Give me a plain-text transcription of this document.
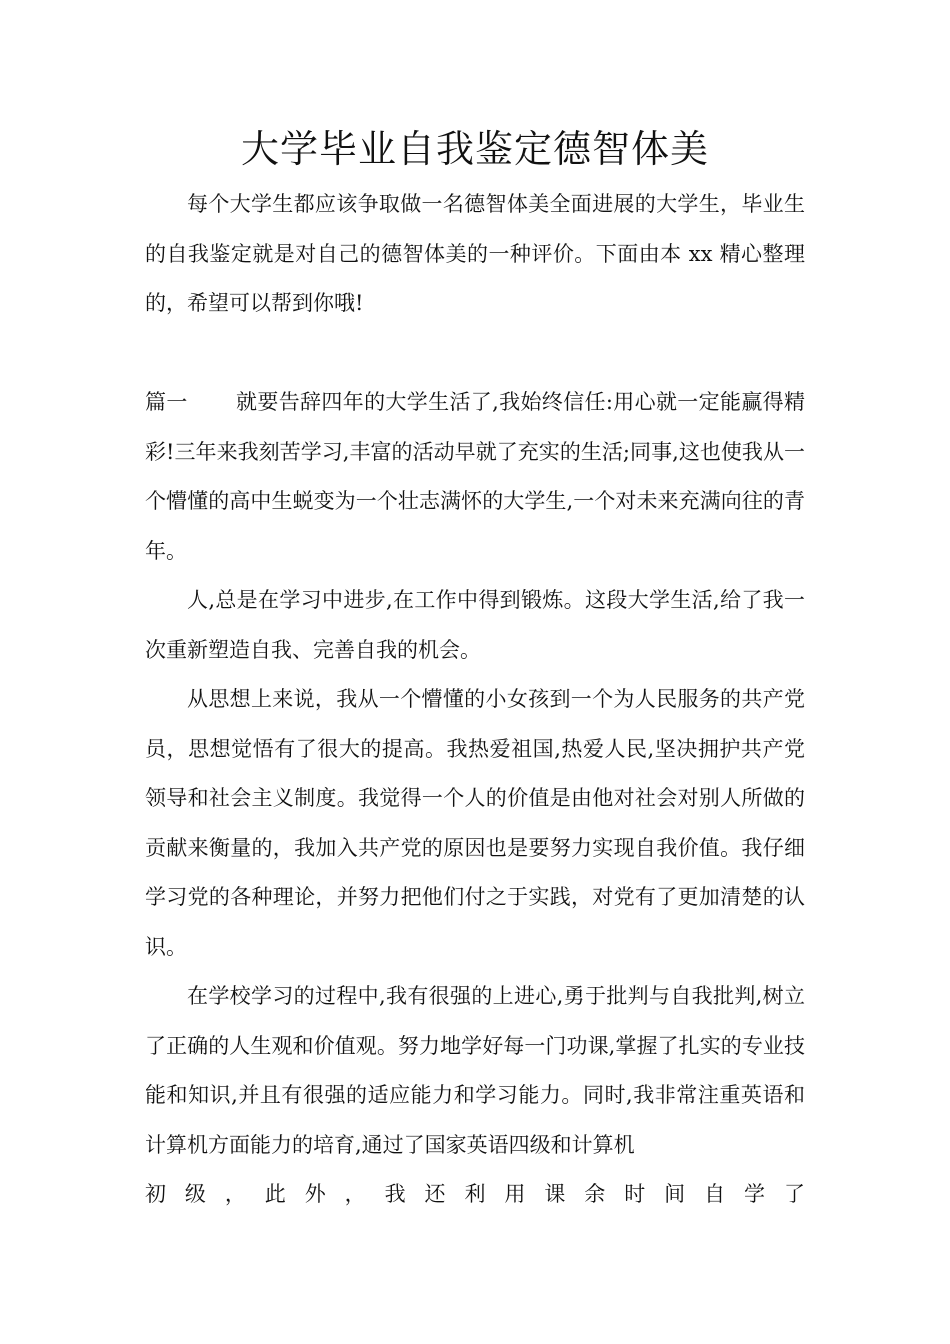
大学毕业自我鉴定德智体美

每个大学生都应该争取做一名德智体美全面进展的大学生，毕业生的自我鉴定就是对自己的德智体美的一种评价。下面由本 xx 精心整理的，希望可以帮到你哦!

篇一 就要告辞四年的大学生活了,我始终信任:用心就一定能赢得精彩!三年来我刻苦学习,丰富的活动早就了充实的生活;同事,这也使我从一个懵懂的高中生蜕变为一个壮志满怀的大学生,一个对未来充满向往的青年。

人,总是在学习中进步,在工作中得到锻炼。这段大学生活,给了我一次重新塑造自我、完善自我的机会。

从思想上来说，我从一个懵懂的小女孩到一个为人民服务的共产党员，思想觉悟有了很大的提高。我热爱祖国,热爱人民,坚决拥护共产党领导和社会主义制度。我觉得一个人的价值是由他对社会对别人所做的贡献来衡量的，我加入共产党的原因也是要努力实现自我价值。我仔细学习党的各种理论，并努力把他们付之于实践，对党有了更加清楚的认识。

在学校学习的过程中,我有很强的上进心,勇于批判与自我批判,树立了正确的人生观和价值观。努力地学好每一门功课,掌握了扎实的专业技能和知识,并且有很强的适应能力和学习能力。同时,我非常注重英语和计算机方面能力的培育,通过了国家英语四级和计算机

初级，此外，我还利用课余时间自学了
